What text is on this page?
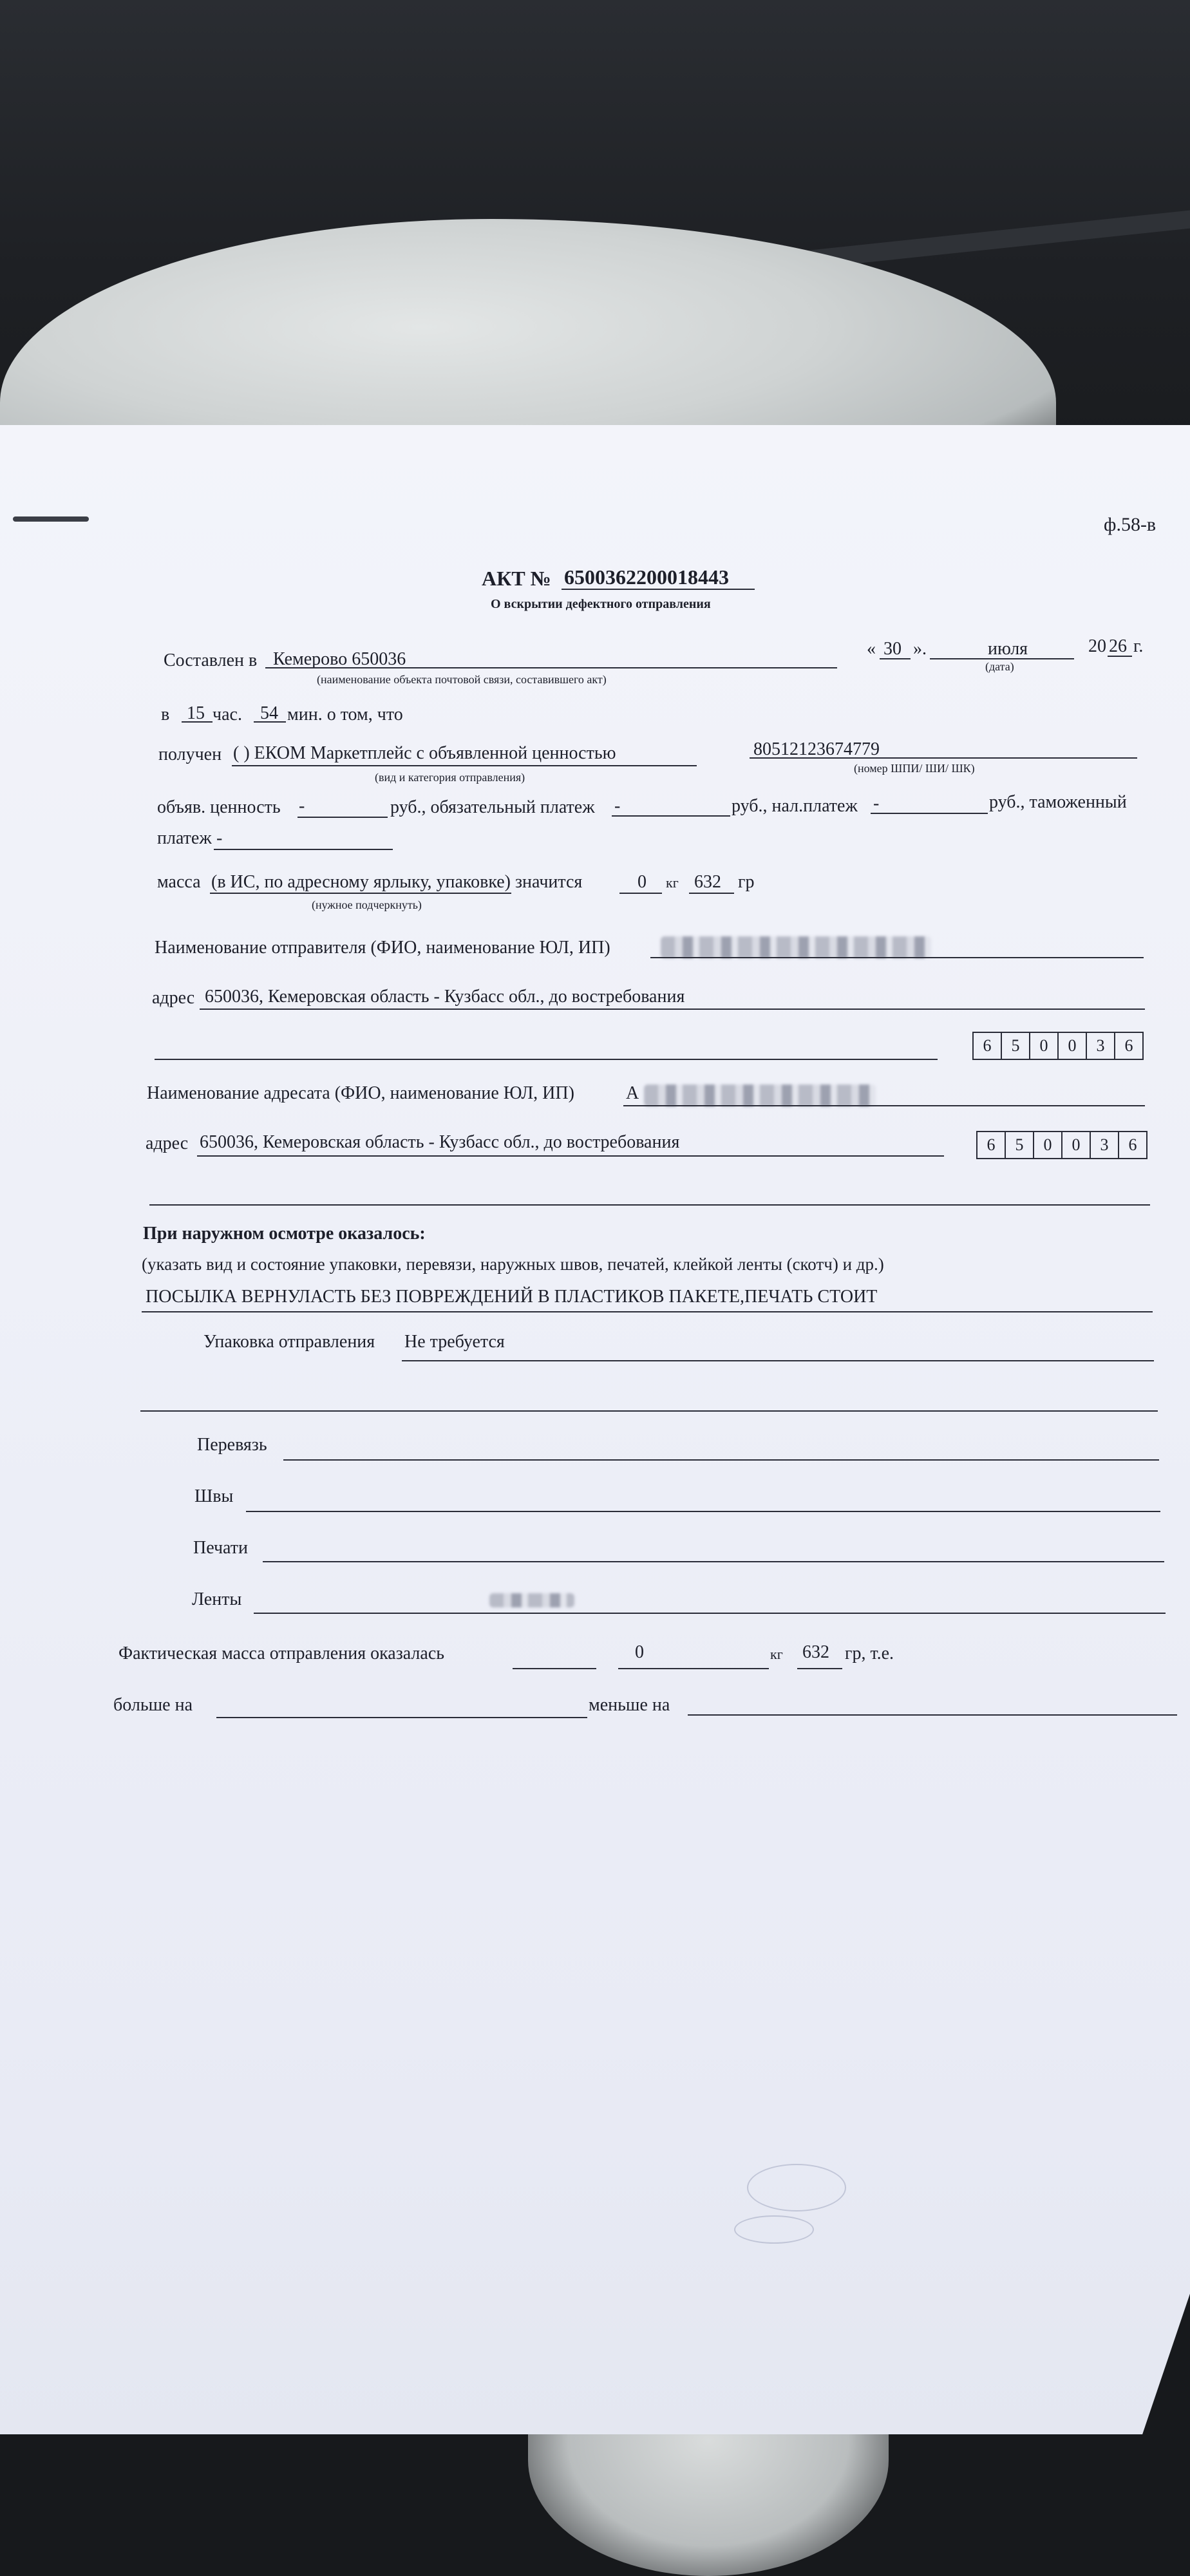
ф.58-в
АКТ № 6500362200018443
О вскрытии дефектного отправления
Составлен в Кемерово 650036
(наименование объекта почтовой связи, составившего акт)
« 30 ».	июля	20 26 г.
(дата)
в 15 час. 54 мин. о том, что
получен ( ) ЕКОМ Маркетплейс с объявленной ценностью
(вид и категория отправления)
80512123674779
(номер ШПИ/ ШИ/ ШК)
объяв. ценность -	руб., обязательный платеж -	руб., нал.платеж -	руб., таможенный
платеж -
масса (в ИС, по адресному ярлыку, упаковке) значится	0 кг 632 гр
(нужное подчеркнуть)
Наименование отправителя (ФИО, наименование ЮЛ, ИП)
адрес 650036, Кемеровская область - Кузбасс обл., до востребования
6	5	0	0	3	6
Наименование адресата (ФИО, наименование ЮЛ, ИП)	А
адрес 650036, Кемеровская область - Кузбасс обл., до востребования	6	5	0	0	3	6
При наружном осмотре оказалось:
(указать вид и состояние упаковки, перевязи, наружных швов, печатей, клейкой ленты (скотч) и др.)
ПОСЫЛКА ВЕРНУЛАСТЬ БЕЗ ПОВРЕЖДЕНИЙ В ПЛАСТИКОВ ПАКЕТЕ,ПЕЧАТЬ СТОИТ
Упаковка отправления Не требуется
Перевязь
Швы
Печати
Ленты
Фактическая масса отправления оказалась	0	кг 632 гр, т.е.
больше на	меньше на
